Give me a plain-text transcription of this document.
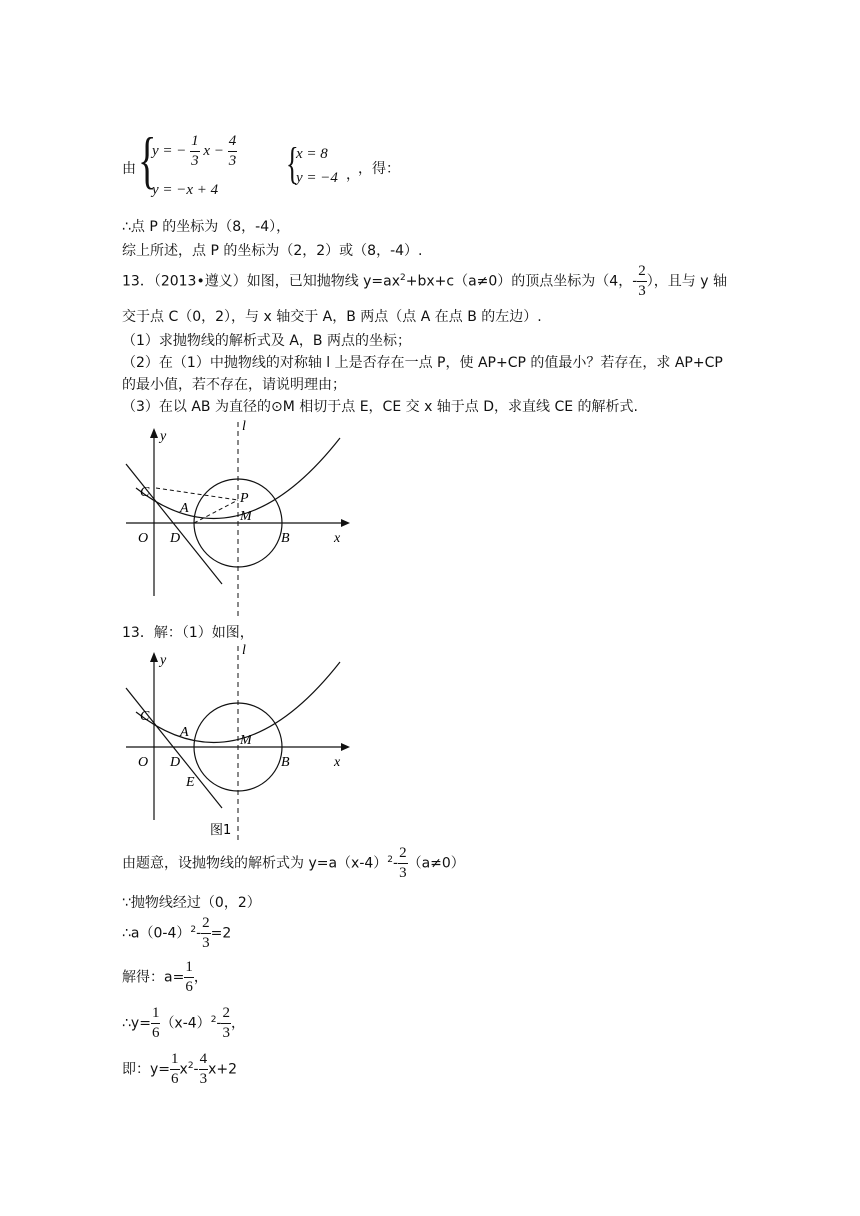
由 {
y = − $\frac{1}{3}$ $x - \frac{4}{3}$	，得：
y = −x + 4
{
x = 8
y = −4 ，
∴点 P 的坐标为（8，-4），
综上所述，点 P 的坐标为（2，2）或（8，-4）.
13．（2013•遵义）如图，已知抛物线 $y=ax^2+bx+c(a\ne 0)$的顶点坐标为（4，- $\frac{2}{3}$ ），且与 y 轴
交于点 C（0，2），与 x 轴交于 A，B 两点（点 A 在点 B 的左边）.
（1）求抛物线的解析式及 A，B 两点的坐标；
（2）在（1）中抛物线的对称轴 l 上是否存在一点 P，使 AP+CP 的值最小？若存在，求 AP+CP
的最小值，若不存在，请说明理由；
（3）在以 AB 为直径的⊙M 相切于点 E，CE 交 x 轴于点 D，求直线 CE 的解析式.
y
l
C	P
A
M
O D	B	x
13．解：（1）如图，
y
l
C
A
M
O D	B
E
x
图1
由题意，设抛物线的解析式为 $y=a(x-4)^2- \frac{2}{3} (a\ne 0)$
∵抛物线经过（0，2）
$\therefore a(0-4)^2- \frac{2}{3} =2$
解得：$a= \frac{1}{6}$ ，
∴y= $\frac{1}{6} (x-4)^2- \frac{2}{3}$ ，
即：$y= \frac{1}{6} x^2- \frac{4}{3} x+2$
